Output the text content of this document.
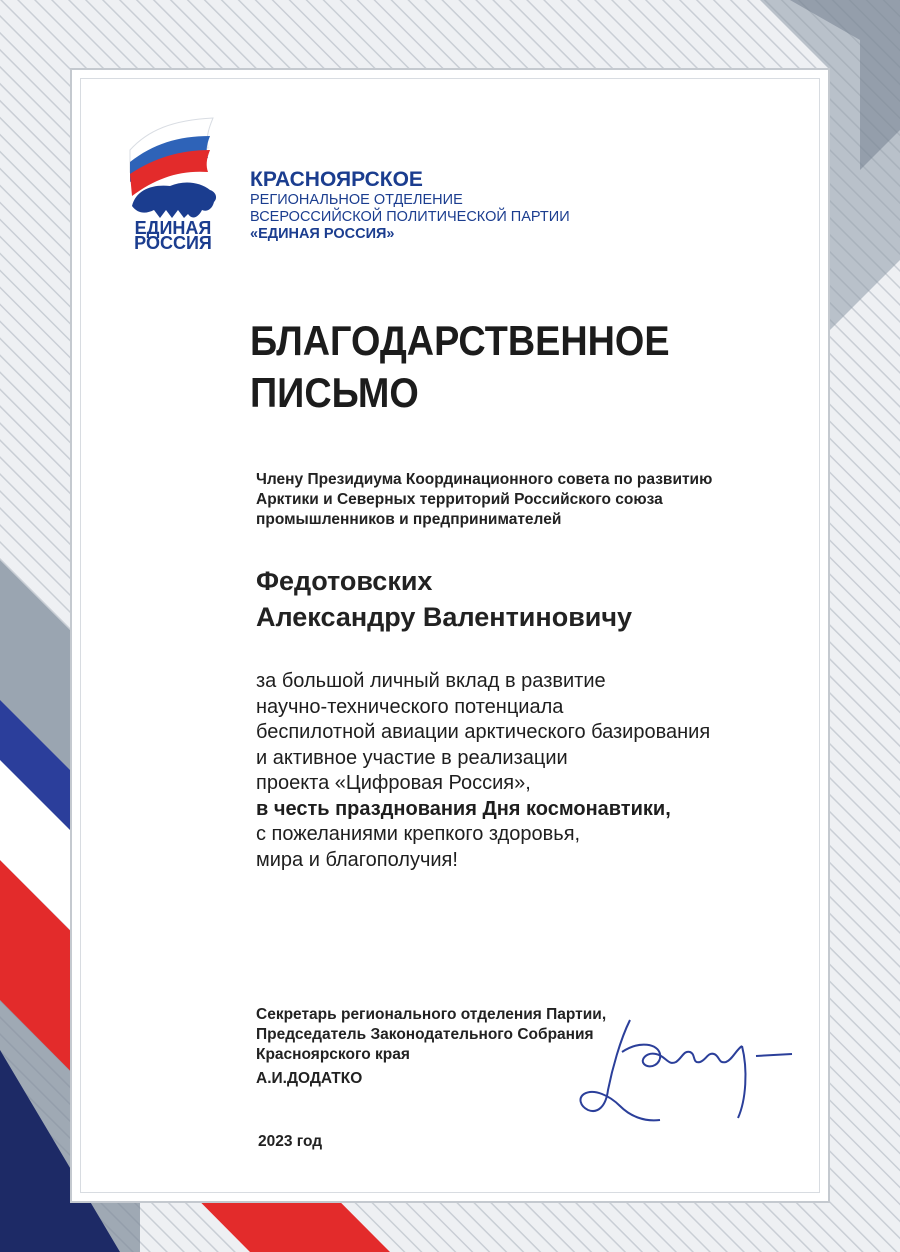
ЕДИНАЯ
РОССИЯ
КРАСНОЯРСКОЕ
РЕГИОНАЛЬНОЕ ОТДЕЛЕНИЕ
ВСЕРОССИЙСКОЙ ПОЛИТИЧЕСКОЙ ПАРТИИ
«ЕДИНАЯ РОССИЯ»
БЛАГОДАРСТВЕННОЕ
ПИСЬМО
Члену Президиума Координационного совета по развитию
Арктики и Северных территорий Российского союза
промышленников и предпринимателей
Федотовских
Александру Валентиновичу
за большой личный вклад в развитие
научно-технического потенциала
беспилотной авиации арктического базирования
и активное участие в реализации
проекта «Цифровая Россия»,
в честь празднования Дня космонавтики,
с пожеланиями крепкого здоровья,
мира и благополучия!
Секретарь регионального отделения Партии,
Председатель Законодательного Собрания
Красноярского края
А.И.ДОДАТКО
2023 год
